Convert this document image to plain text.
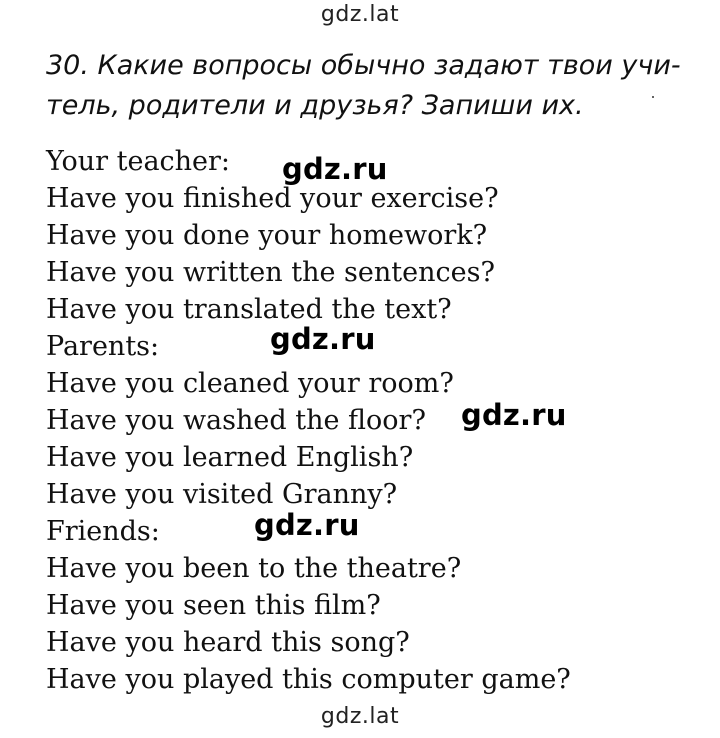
gdz.lat
30. Какие вопросы обычно задают твои учи-
тель, родители и друзья? Запиши их.
Your teacher:
Have you finished your exercise?
Have you done your homework?
Have you written the sentences?
Have you translated the text?
Parents:
Have you cleaned your room?
Have you washed the floor?
Have you learned English?
Have you visited Granny?
Friends:
Have you been to the theatre?
Have you seen this film?
Have you heard this song?
Have you played this computer game?
gdz.ru
gdz.ru
gdz.ru
gdz.ru
gdz.lat
